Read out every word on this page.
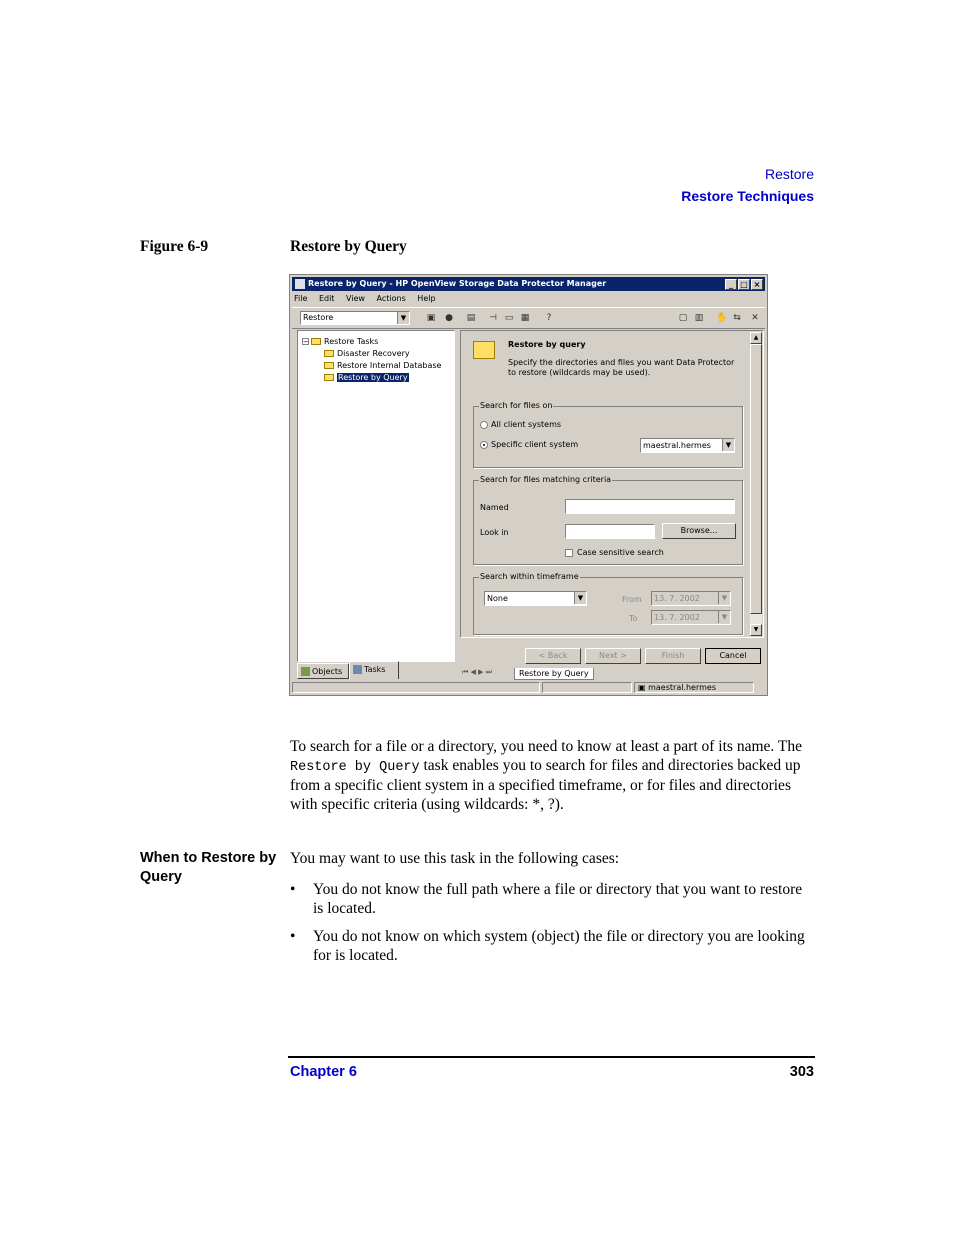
Restore
Restore Techniques
Figure 6-9	Restore by Query
Restore by Query - HP OpenView Storage Data Protector Manager	_ □ ×
File Edit View Actions Help
Restore	▼	▣ ● ▤ ⊣ ▭ ▦ ?	▢ ▥ ✋ ⇆ ✕
− Restore Tasks
Disaster Recovery
Restore Internal Database
Restore by Query
Objects	Tasks
Restore by query
Specify the directories and files you want Data Protector to restore (wildcards may be used).
Search for files on
All client systems
Specific client system	maestral.hermes	▼
Search for files matching criteria
Named
Look in	Browse...
Case sensitive search
Search within timeframe
None	▼	From	13. 7. 2002	▼
To	13. 7. 2002	▼
▲
▼
< Back	Next >	Finish	Cancel
⏮ ◀ ▶ ⏭	Restore by Query
▣ maestral.hermes
To search for a file or a directory, you need to know at least a part of its name. The Restore by Query task enables you to search for files and directories backed up from a specific client system in a specified timeframe, or for files and directories with specific criteria (using wildcards: *, ?).
When to Restore by Query
You may want to use this task in the following cases:
• You do not know the full path where a file or directory that you want to restore is located.
• You do not know on which system (object) the file or directory you are looking for is located.
Chapter 6	303
